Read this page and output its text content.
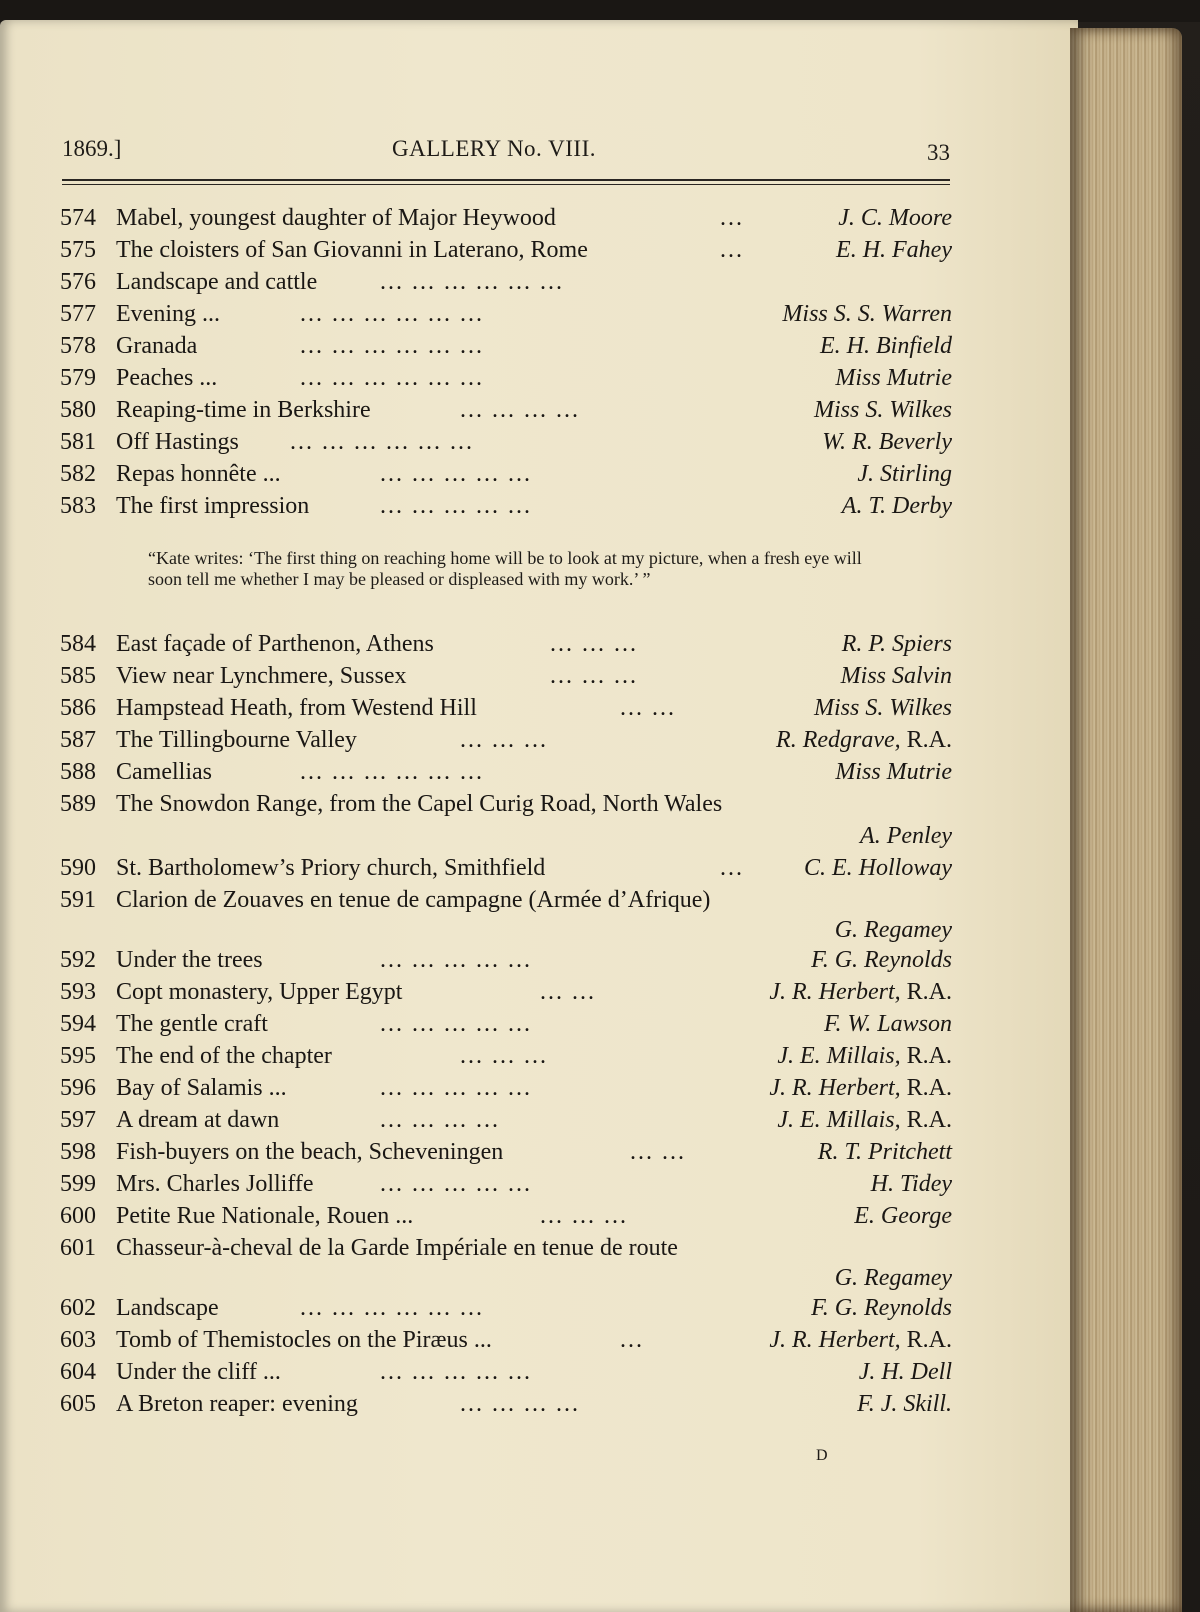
1869.]	GALLERY No. VIII.	33
574 Mabel, youngest daughter of Major Heywood	...	J. C. Moore
575 The cloisters of San Giovanni in Laterano, Rome	...	E. H. Fahey
576 Landscape and cattle	... ... ... ... ... ...
577 Evening ...	... ... ... ... ... ...	Miss S. S. Warren
578 Granada	... ... ... ... ... ...	E. H. Binfield
579 Peaches ...	... ... ... ... ... ...	Miss Mutrie
580 Reaping-time in Berkshire	... ... ... ...	Miss S. Wilkes
581 Off Hastings ... ... ... ... ... ...	W. R. Beverly
582 Repas honnête ...	... ... ... ... ...	J. Stirling
583 The first impression	... ... ... ... ...	A. T. Derby
“Kate writes: ‘The first thing on reaching home will be to look at my picture, when a fresh eye will soon tell me whether I may be pleased or displeased with my work.’ ”
584 East façade of Parthenon, Athens	... ... ...	R. P. Spiers
585 View near Lynchmere, Sussex	... ... ...	Miss Salvin
586 Hampstead Heath, from Westend Hill	... ...	Miss S. Wilkes
587 The Tillingbourne Valley	... ... ...	R. Redgrave, R.A.
588 Camellias	... ... ... ... ... ...	Miss Mutrie
589 The Snowdon Range, from the Capel Curig Road, North Wales
A. Penley
590 St. Bartholomew’s Priory church, Smithfield	...	C. E. Holloway
591 Clarion de Zouaves en tenue de campagne (Armée d’Afrique)
G. Regamey
592 Under the trees	... ... ... ... ...	F. G. Reynolds
593 Copt monastery, Upper Egypt	... ...	J. R. Herbert, R.A.
594 The gentle craft	... ... ... ... ...	F. W. Lawson
595 The end of the chapter	... ... ...	J. E. Millais, R.A.
596 Bay of Salamis ...	... ... ... ... ...	J. R. Herbert, R.A.
597 A dream at dawn	... ... ... ...	J. E. Millais, R.A.
598 Fish-buyers on the beach, Scheveningen	... ...	R. T. Pritchett
599 Mrs. Charles Jolliffe	... ... ... ... ...	H. Tidey
600 Petite Rue Nationale, Rouen ...	... ... ...	E. George
601 Chasseur-à-cheval de la Garde Impériale en tenue de route
G. Regamey
602 Landscape	... ... ... ... ... ...	F. G. Reynolds
603 Tomb of Themistocles on the Piræus ...	...	J. R. Herbert, R.A.
604 Under the cliff ...	... ... ... ... ...	J. H. Dell
605 A Breton reaper: evening	... ... ... ...	F. J. Skill.
D
